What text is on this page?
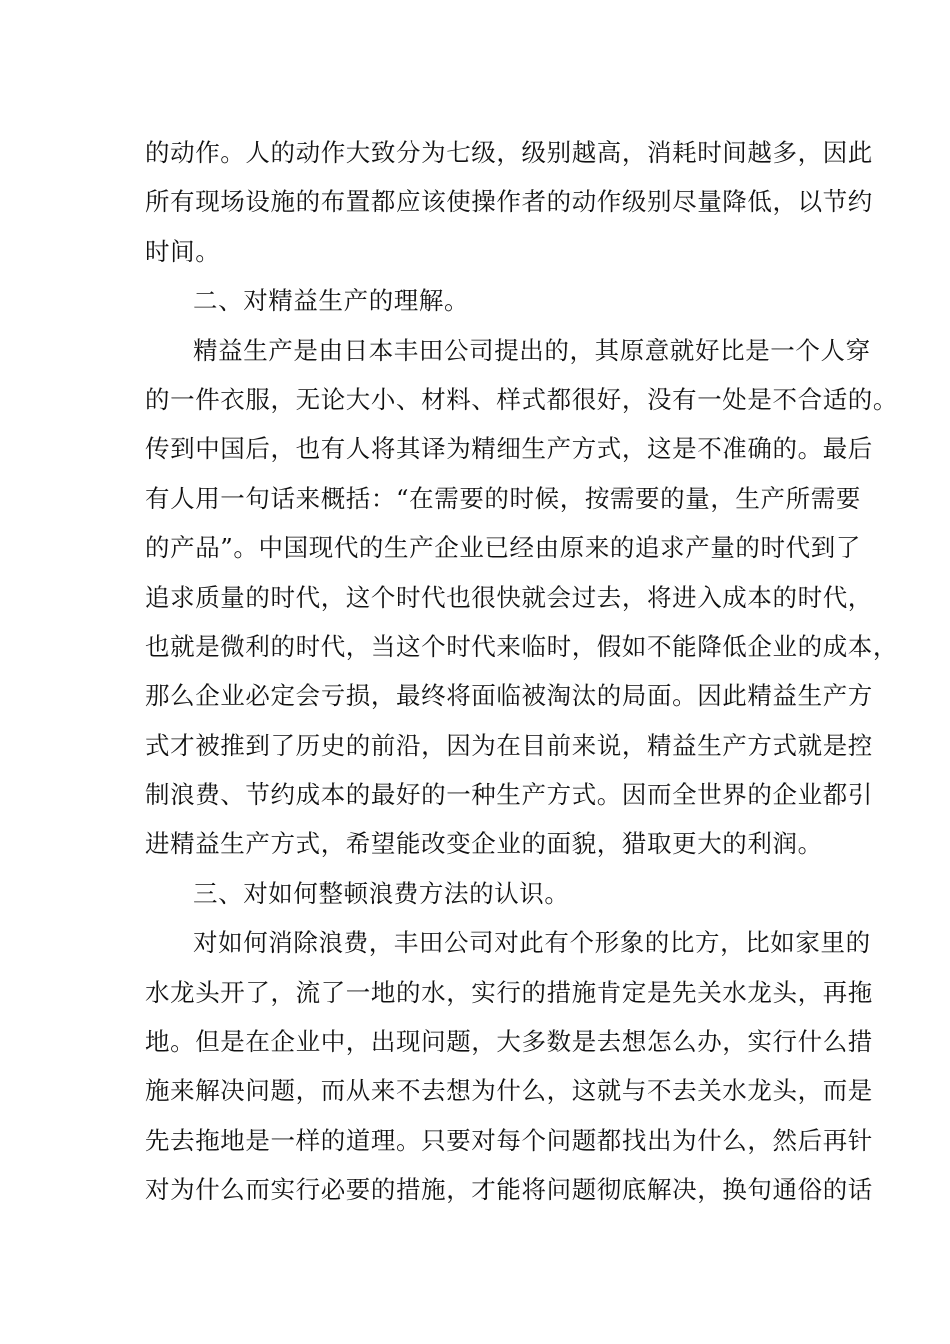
的动作。人的动作大致分为七级，级别越高，消耗时间越多，因此
所有现场设施的布置都应该使操作者的动作级别尽量降低，以节约
时间。
二、对精益生产的理解。
精益生产是由日本丰田公司提出的，其原意就好比是一个人穿
的一件衣服，无论大小、材料、样式都很好，没有一处是不合适的。
传到中国后，也有人将其译为精细生产方式，这是不准确的。最后
有人用一句话来概括：“在需要的时候，按需要的量，生产所需要
的产品”。中国现代的生产企业已经由原来的追求产量的时代到了
追求质量的时代，这个时代也很快就会过去，将进入成本的时代，
也就是微利的时代，当这个时代来临时，假如不能降低企业的成本，
那么企业必定会亏损，最终将面临被淘汰的局面。因此精益生产方
式才被推到了历史的前沿，因为在目前来说，精益生产方式就是控
制浪费、节约成本的最好的一种生产方式。因而全世界的企业都引
进精益生产方式，希望能改变企业的面貌，猎取更大的利润。
三、对如何整顿浪费方法的认识。
对如何消除浪费，丰田公司对此有个形象的比方，比如家里的
水龙头开了，流了一地的水，实行的措施肯定是先关水龙头，再拖
地。但是在企业中，出现问题，大多数是去想怎么办，实行什么措
施来解决问题，而从来不去想为什么，这就与不去关水龙头，而是
先去拖地是一样的道理。只要对每个问题都找出为什么，然后再针
对为什么而实行必要的措施，才能将问题彻底解决，换句通俗的话
